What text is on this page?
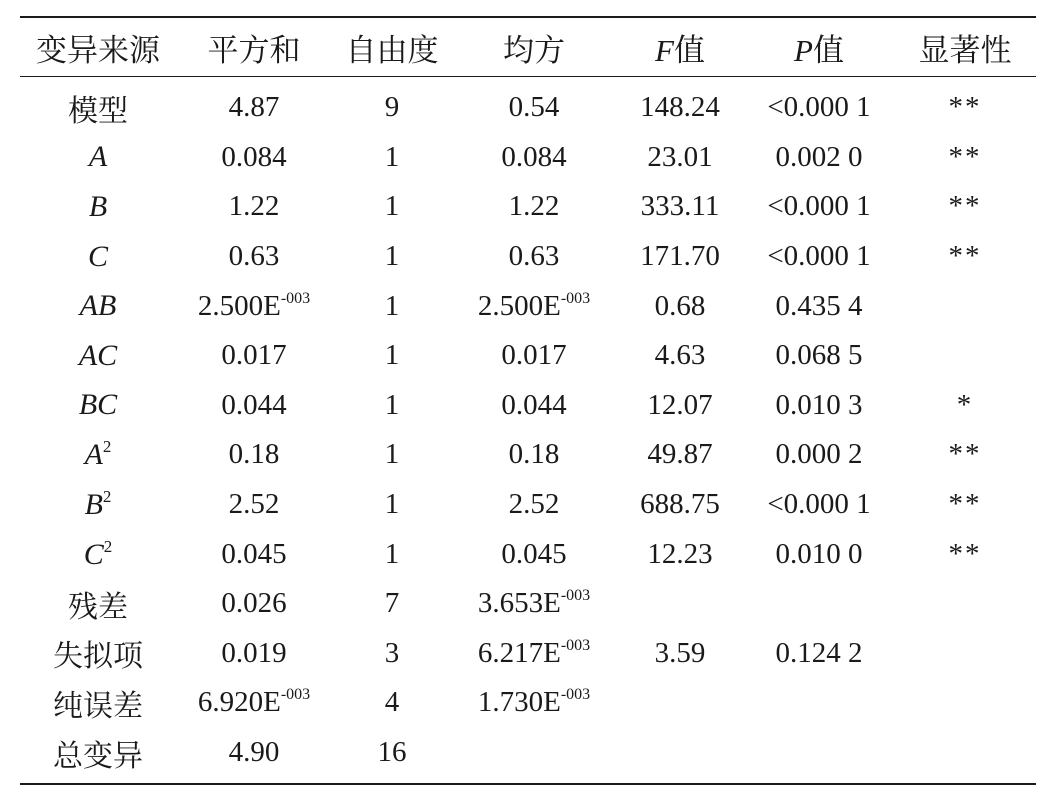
变异来源	平方和	自由度	均方	F值	P值	显著性
模型	4.87	9	0.54	148.24	<0.000 1	**
A	0.084	1	0.084	23.01	0.002 0	**
B	1.22	1	1.22	333.11	<0.000 1	**
C	0.63	1	0.63	171.70	<0.000 1	**
AB	$2.500E^{-003}$	1	$2.500E^{-003}$	0.68	0.435 4	
AC	0.017	1	0.017	4.63	0.068 5	
BC	0.044	1	0.044	12.07	0.010 3	*
$A^2$	0.18	1	0.18	49.87	0.000 2	**
$B^2$	2.52	1	2.52	688.75	<0.000 1	**
$C^2$	0.045	1	0.045	12.23	0.010 0	**
残差	0.026	7	$3.653E^{-003}$			
失拟项	0.019	3	$6.217E^{-003}$	3.59	0.124 2	
纯误差	$6.920E^{-003}$	4	$1.730E^{-003}$			
总变异	4.90	16				
